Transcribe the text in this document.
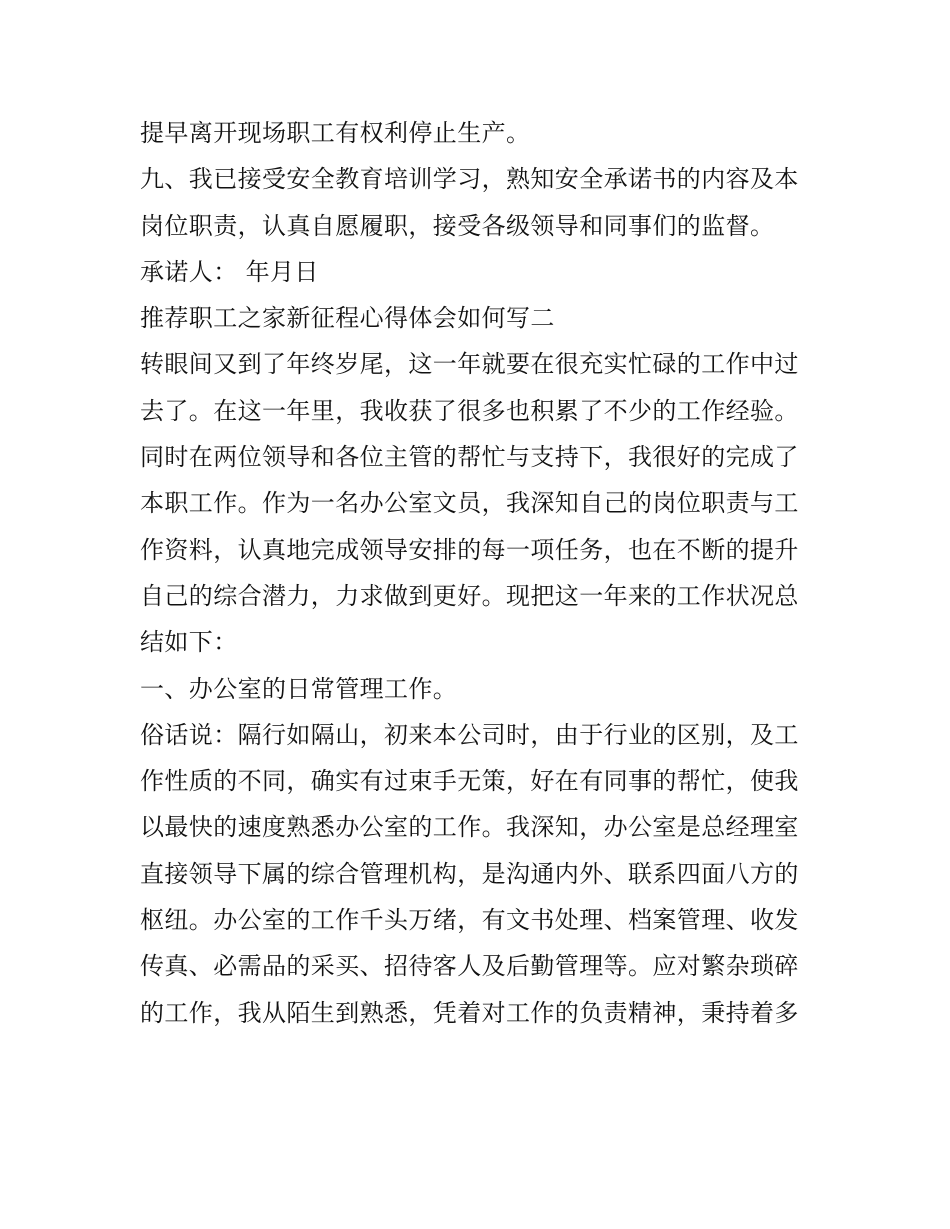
提早离开现场职工有权利停止生产。
九、我已接受安全教育培训学习，熟知安全承诺书的内容及本
岗位职责，认真自愿履职，接受各级领导和同事们的监督。
承诺人： 年月日
推荐职工之家新征程心得体会如何写二
转眼间又到了年终岁尾，这一年就要在很充实忙碌的工作中过
去了。在这一年里，我收获了很多也积累了不少的工作经验。
同时在两位领导和各位主管的帮忙与支持下，我很好的完成了
本职工作。作为一名办公室文员，我深知自己的岗位职责与工
作资料，认真地完成领导安排的每一项任务，也在不断的提升
自己的综合潜力，力求做到更好。现把这一年来的工作状况总
结如下：
一、办公室的日常管理工作。
俗话说：隔行如隔山，初来本公司时，由于行业的区别，及工
作性质的不同，确实有过束手无策，好在有同事的帮忙，使我
以最快的速度熟悉办公室的工作。我深知，办公室是总经理室
直接领导下属的综合管理机构，是沟通内外、联系四面八方的
枢纽。办公室的工作千头万绪，有文书处理、档案管理、收发
传真、必需品的采买、招待客人及后勤管理等。应对繁杂琐碎
的工作，我从陌生到熟悉，凭着对工作的负责精神，秉持着多
